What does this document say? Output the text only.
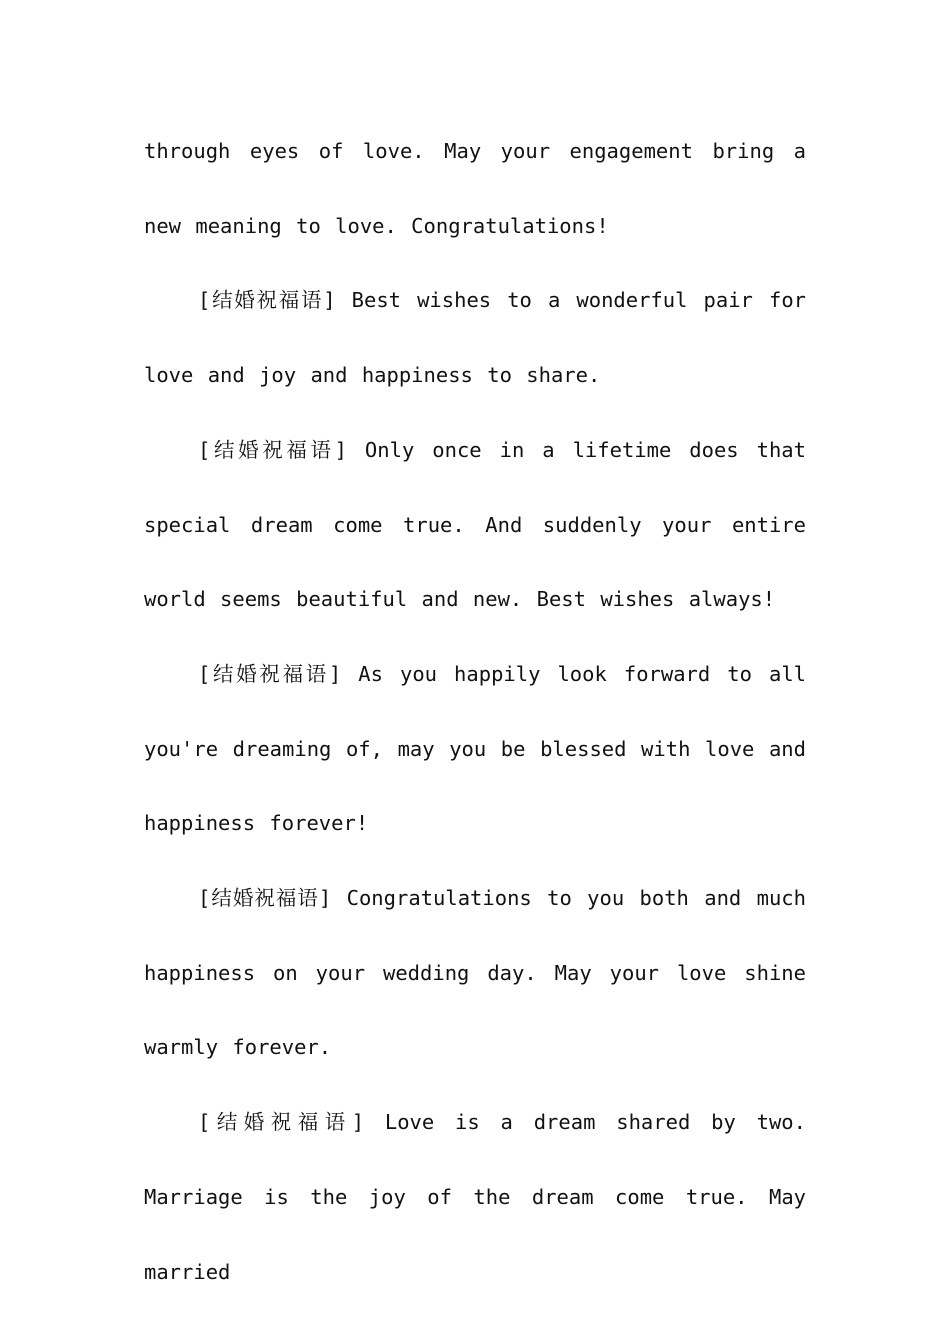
through eyes of love. May your engagement bring a new meaning to love. Congratulations!

[结婚祝福语] Best wishes to a wonderful pair for love and joy and happiness to share.

[结婚祝福语] Only once in a lifetime does that special dream come true. And suddenly your entire world seems beautiful and new. Best wishes always!

[结婚祝福语] As you happily look forward to all you're dreaming of, may you be blessed with love and happiness forever!

[结婚祝福语] Congratulations to you both and much happiness on your wedding day. May your love shine warmly forever.

[结婚祝福语] Love is a dream shared by two. Marriage is the joy of the dream come true. May married
